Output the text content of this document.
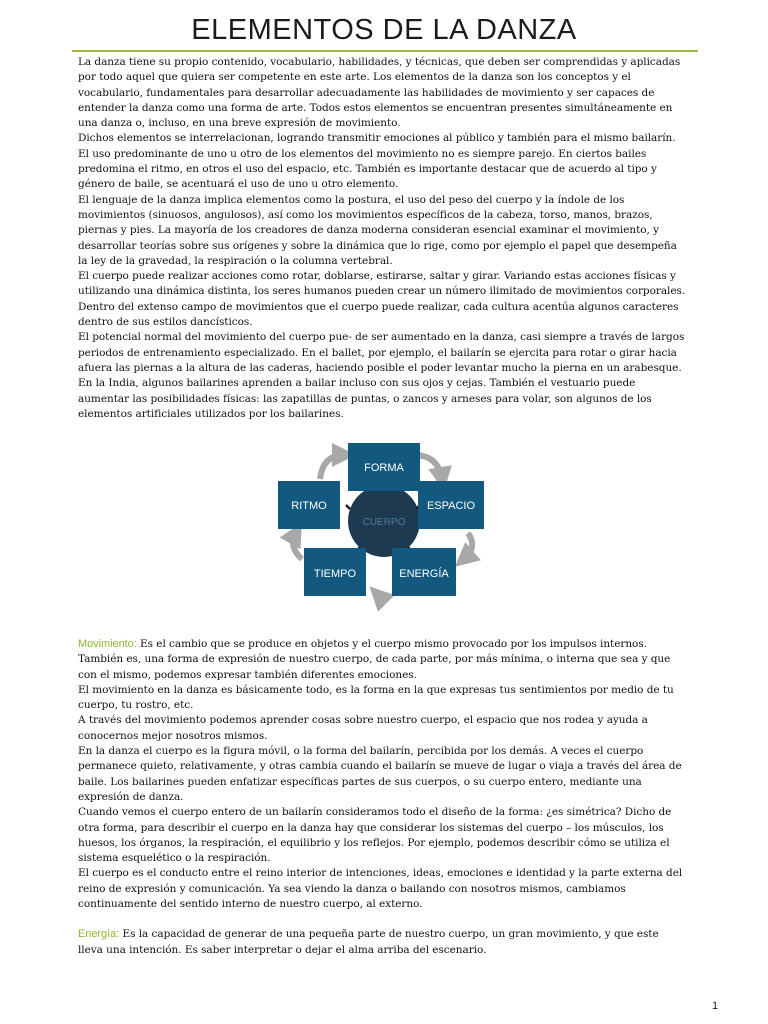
ELEMENTOS DE LA DANZA

La danza tiene su propio contenido, vocabulario, habilidades, y técnicas, que deben ser comprendidas y aplicadas por todo aquel que quiera ser competente en este arte. Los elementos de la danza son los conceptos y el vocabulario, fundamentales para desarrollar adecuadamente las habilidades de movimiento y ser capaces de entender la danza como una forma de arte. Todos estos elementos se encuentran presentes simultáneamente en una danza o, incluso, en una breve expresión de movimiento.

Dichos elementos se interrelacionan, logrando transmitir emociones al público y también para el mismo bailarín. El uso predominante de uno u otro de los elementos del movimiento no es siempre parejo. En ciertos bailes predomina el ritmo, en otros el uso del espacio, etc. También es importante destacar que de acuerdo al tipo y género de baile, se acentuará el uso de uno u otro elemento.

El lenguaje de la danza implica elementos como la postura, el uso del peso del cuerpo y la índole de los movimientos (sinuosos, angulosos), así como los movimientos específicos de la cabeza, torso, manos, brazos, piernas y pies. La mayoría de los creadores de danza moderna consideran esencial examinar el movimiento, y desarrollar teorías sobre sus orígenes y sobre la dinámica que lo rige, como por ejemplo el papel que desempeña la ley de la gravedad, la respiración o la columna vertebral.

El cuerpo puede realizar acciones como rotar, doblarse, estirarse, saltar y girar. Variando estas acciones físicas y utilizando una dinámica distinta, los seres humanos pueden crear un número ilimitado de movimientos corporales. Dentro del extenso campo de movimientos que el cuerpo puede realizar, cada cultura acentúa algunos caracteres dentro de sus estilos dancísticos.

El potencial normal del movimiento del cuerpo pue- de ser aumentado en la danza, casi siempre a través de largos periodos de entrenamiento especializado. En el ballet, por ejemplo, el bailarín se ejercita para rotar o girar hacia afuera las piernas a la altura de las caderas, haciendo posible el poder levantar mucho la pierna en un arabesque. En la India, algunos bailarines aprenden a bailar incluso con sus ojos y cejas. También el vestuario puede aumentar las posibilidades físicas: las zapatillas de puntas, o zancos y arneses para volar, son algunos de los elementos artificiales utilizados por los bailarines.

CUERPO
FORMA
ESPACIO
ENERGÍA
TIEMPO
RITMO

Movimiento: Es el cambio que se produce en objetos y el cuerpo mismo provocado por los impulsos internos. También es, una forma de expresión de nuestro cuerpo, de cada parte, por más mínima, o interna que sea y que con el mismo, podemos expresar también diferentes emociones.

El movimiento en la danza es básicamente todo, es la forma en la que expresas tus sentimientos por medio de tu cuerpo, tu rostro, etc.

A través del movimiento podemos aprender cosas sobre nuestro cuerpo, el espacio que nos rodea y ayuda a conocernos mejor nosotros mismos.

En la danza el cuerpo es la figura móvil, o la forma del bailarín, percibida por los demás. A veces el cuerpo permanece quieto, relativamente, y otras cambia cuando el bailarín se mueve de lugar o viaja a través del área de baile. Los bailarines pueden enfatizar específicas partes de sus cuerpos, o su cuerpo entero, mediante una expresión de danza.

Cuando vemos el cuerpo entero de un bailarín consideramos todo el diseño de la forma: ¿es simétrica? Dicho de otra forma, para describir el cuerpo en la danza hay que considerar los sistemas del cuerpo – los músculos, los huesos, los órganos, la respiración, el equilibrio y los reflejos. Por ejemplo, podemos describir cómo se utiliza el sistema esquelético o la respiración.

El cuerpo es el conducto entre el reino interior de intenciones, ideas, emociones e identidad y la parte externa del reino de expresión y comunicación. Ya sea viendo la danza o bailando con nosotros mismos, cambiamos continuamente del sentido interno de nuestro cuerpo, al externo.

Energía: Es la capacidad de generar de una pequeña parte de nuestro cuerpo, un gran movimiento, y que este lleva una intención. Es saber interpretar o dejar el alma arriba del escenario.

1
